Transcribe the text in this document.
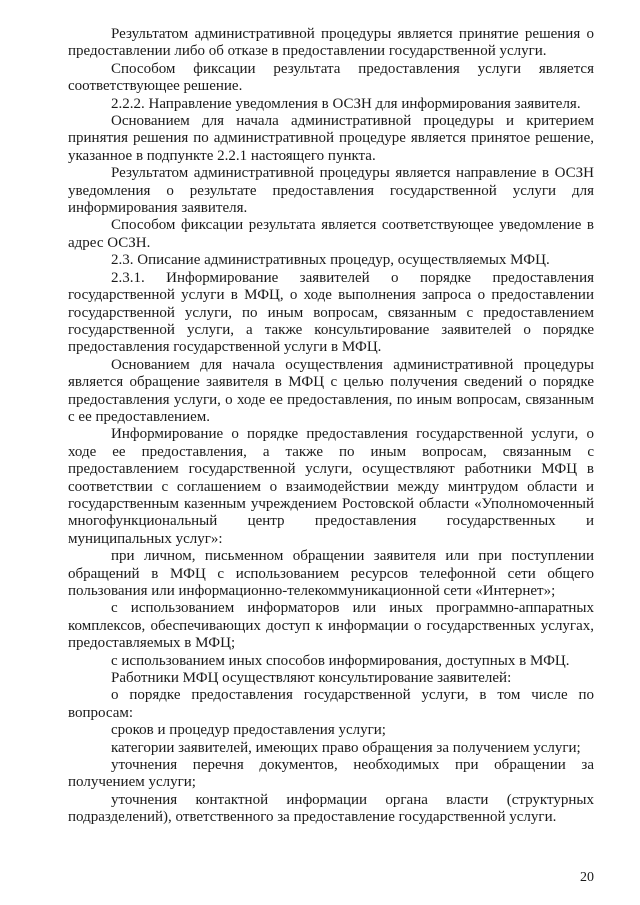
Результатом административной процедуры является принятие решения о предоставлении либо об отказе в предоставлении государственной услуги.

Способом фиксации результата предоставления услуги является соответствующее решение.

2.2.2. Направление уведомления в ОСЗН для информирования заявителя.

Основанием для начала административной процедуры и критерием принятия решения по административной процедуре является принятое решение, указанное в подпункте 2.2.1 настоящего пункта.

Результатом административной процедуры является направление в ОСЗН уведомления о результате предоставления государственной услуги для информирования заявителя.

Способом фиксации результата является соответствующее уведомление в адрес ОСЗН.

2.3. Описание административных процедур, осуществляемых МФЦ.

2.3.1. Информирование заявителей о порядке предоставления государственной услуги в МФЦ, о ходе выполнения запроса о предоставлении государственной услуги, по иным вопросам, связанным с предоставлением государственной услуги, а также консультирование заявителей о порядке предоставления государственной услуги в МФЦ.

Основанием для начала осуществления административной процедуры является обращение заявителя в МФЦ с целью получения сведений о порядке предоставления услуги, о ходе ее предоставления, по иным вопросам, связанным с ее предоставлением.

Информирование о порядке предоставления государственной услуги, о ходе ее предоставления, а также по иным вопросам, связанным с предоставлением государственной услуги, осуществляют работники МФЦ в соответствии с соглашением о взаимодействии между минтрудом области и государственным казенным учреждением Ростовской области «Уполномоченный многофункциональный центр предоставления государственных и муниципальных услуг»:

при личном, письменном обращении заявителя или при поступлении обращений в МФЦ с использованием ресурсов телефонной сети общего пользования или информационно-телекоммуникационной сети «Интернет»;

с использованием информаторов или иных программно-аппаратных комплексов, обеспечивающих доступ к информации о государственных услугах, предоставляемых в МФЦ;

с использованием иных способов информирования, доступных в МФЦ.

Работники МФЦ осуществляют консультирование заявителей:

о порядке предоставления государственной услуги, в том числе по вопросам:

сроков и процедур предоставления услуги;

категории заявителей, имеющих право обращения за получением услуги;

уточнения перечня документов, необходимых при обращении за получением услуги;

уточнения контактной информации органа власти (структурных подразделений), ответственного за предоставление государственной услуги.

20
